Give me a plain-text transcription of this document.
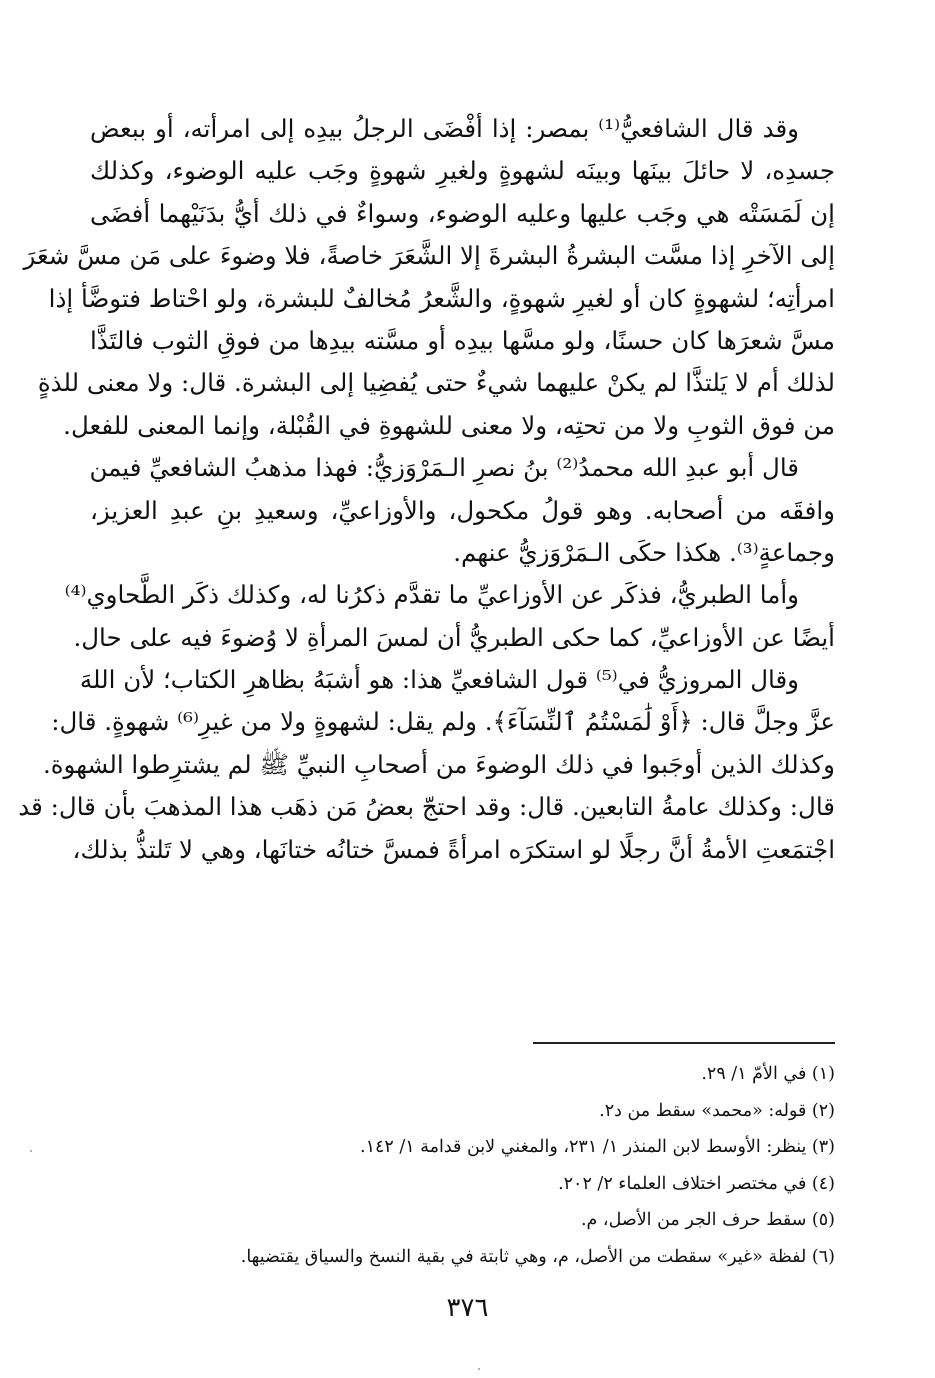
وقد قال الشافعيُّ⁽¹⁾ بمصر: إذا أفْضَى الرجلُ بيدِه إلى امرأته، أو ببعض
جسدِه، لا حائلَ بينَها وبينَه لشهوةٍ ولغيرِ شهوةٍ وجَب عليه الوضوء، وكذلك
إن لَمَسَتْه هي وجَب عليها وعليه الوضوء، وسواءٌ في ذلك أيُّ بدَنَيْهما أفضَى
إلى الآخرِ إذا مسَّت البشرةُ البشرةَ إلا الشَّعَرَ خاصةً، فلا وضوءَ على مَن مسَّ شعَرَ
امرأتِه؛ لشهوةٍ كان أو لغيرِ شهوةٍ، والشَّعرُ مُخالفٌ للبشرة، ولو احْتاط فتوضَّأ إذا
مسَّ شعرَها كان حسنًا، ولو مسَّها بيدِه أو مسَّته بيدِها من فوقِ الثوب فالتَذَّا
لذلك أم لا يَلتذَّا لم يكنْ عليهما شيءٌ حتى يُفضِيا إلى البشرة. قال: ولا معنى للذةٍ
من فوق الثوبِ ولا من تحتِه، ولا معنى للشهوةِ في القُبْلة، وإنما المعنى للفعل.
قال أبو عبدِ الله محمدُ⁽²⁾ بنُ نصرِ الـمَرْوَزيُّ: فهذا مذهبُ الشافعيِّ فيمن
وافقَه من أصحابه. وهو قولُ مكحول، والأوزاعيِّ، وسعيدِ بنِ عبدِ العزيز،
وجماعةٍ⁽³⁾. هكذا حكَى الـمَرْوَزيُّ عنهم.
وأما الطبريُّ، فذكَر عن الأوزاعيِّ ما تقدَّم ذكرُنا له، وكذلك ذكَر الطَّحاوي⁽⁴⁾
أيضًا عن الأوزاعيِّ، كما حكى الطبريُّ أن لمسَ المرأةِ لا وُضوءَ فيه على حال.
وقال المروزيُّ في⁽⁵⁾ قول الشافعيِّ هذا: هو أشبَهُ بظاهرِ الكتاب؛ لأن اللهَ
عزَّ وجلَّ قال: ﴿أَوْ لَٰمَسْتُمُ ٱلنِّسَآءَ﴾. ولم يقل: لشهوةٍ ولا من غيرِ⁽⁶⁾ شهوةٍ. قال:
وكذلك الذين أوجَبوا في ذلك الوضوءَ من أصحابِ النبيِّ ﷺ لم يشترِطوا الشهوة.
قال: وكذلك عامةُ التابعين. قال: وقد احتجّ بعضُ مَن ذهَب هذا المذهبَ بأن قال: قد
اجْتمَعتِ الأمةُ أنَّ رجلًا لو استكرَه امرأةً فمسَّ ختانُه ختانَها، وهي لا تَلتذُّ بذلك،
(١) في الأمّ ١/ ٢٩.
(٢) قوله: «محمد» سقط من د٢.
(٣) ينظر: الأوسط لابن المنذر ١/ ٢٣١، والمغني لابن قدامة ١/ ١٤٢.
(٤) في مختصر اختلاف العلماء ٢/ ٢٠٢.
(٥) سقط حرف الجر من الأصل، م.
(٦) لفظة «غير» سقطت من الأصل، م، وهي ثابتة في بقية النسخ والسياق يقتضيها.
٣٧٦
